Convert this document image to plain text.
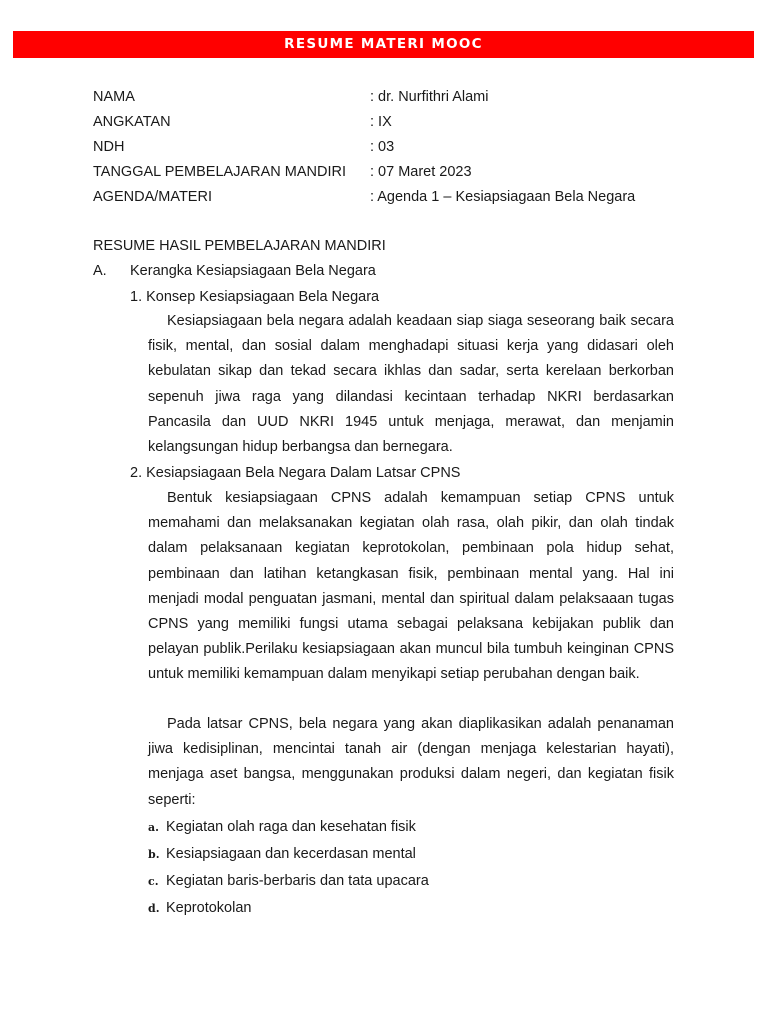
RESUME MATERI MOOC
NAMA	: dr. Nurfithri Alami
ANGKATAN	: IX
NDH	: 03
TANGGAL PEMBELAJARAN MANDIRI : 07 Maret 2023
AGENDA/MATERI	: Agenda 1 – Kesiapsiagaan Bela Negara
RESUME HASIL PEMBELAJARAN MANDIRI
A. Kerangka Kesiapsiagaan Bela Negara
1. Konsep Kesiapsiagaan Bela Negara

Kesiapsiagaan bela negara adalah keadaan siap siaga seseorang baik secara fisik, mental, dan sosial dalam menghadapi situasi kerja yang didasari oleh kebulatan sikap dan tekad secara ikhlas dan sadar, serta kerelaan berkorban sepenuh jiwa raga yang dilandasi kecintaan terhadap NKRI berdasarkan Pancasila dan UUD NKRI 1945 untuk menjaga, merawat, dan menjamin kelangsungan hidup berbangsa dan bernegara.

2. Kesiapsiagaan Bela Negara Dalam Latsar CPNS

Bentuk kesiapsiagaan CPNS adalah kemampuan setiap CPNS untuk memahami dan melaksanakan kegiatan olah rasa, olah pikir, dan olah tindak dalam pelaksanaan kegiatan keprotokolan, pembinaan pola hidup sehat, pembinaan dan latihan ketangkasan fisik, pembinaan mental yang. Hal ini menjadi modal penguatan jasmani, mental dan spiritual dalam pelaksaaan tugas CPNS yang memiliki fungsi utama sebagai pelaksana kebijakan publik dan pelayan publik.Perilaku kesiapsiagaan akan muncul bila tumbuh keinginan CPNS untuk memiliki kemampuan dalam menyikapi setiap perubahan dengan baik.

Pada latsar CPNS, bela negara yang akan diaplikasikan adalah penanaman jiwa kedisiplinan, mencintai tanah air (dengan menjaga kelestarian hayati), menjaga aset bangsa, menggunakan produksi dalam negeri, dan kegiatan fisik seperti:

a. Kegiatan olah raga dan kesehatan fisik
b. Kesiapsiagaan dan kecerdasan mental
c. Kegiatan baris-berbaris dan tata upacara
d. Keprotokolan
